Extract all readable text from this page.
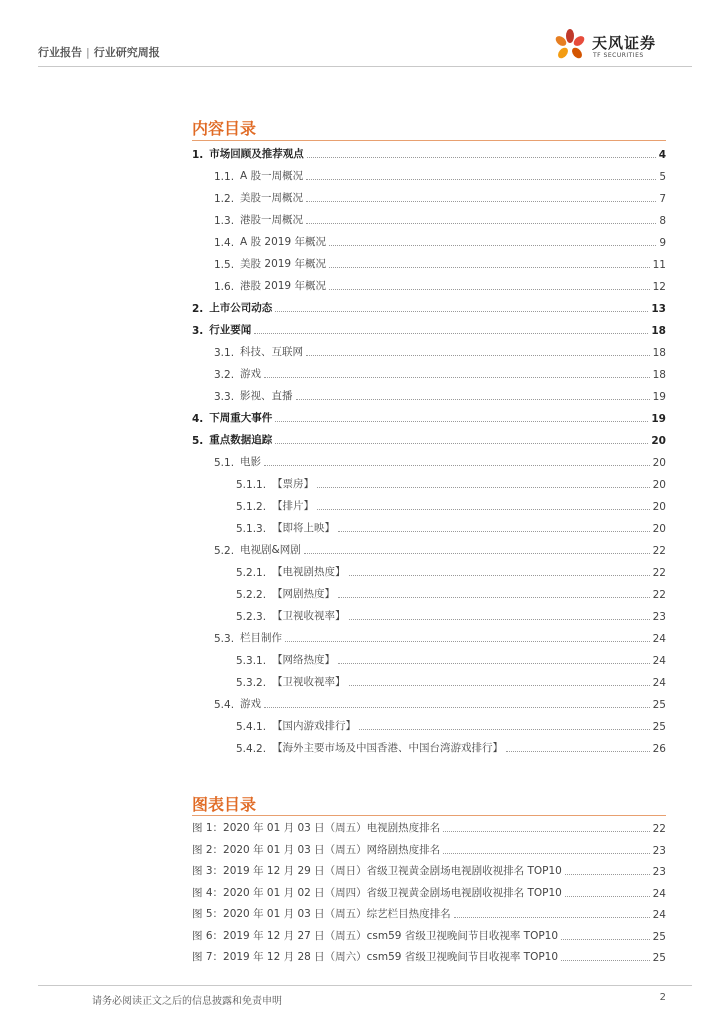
行业报告 | 行业研究周报
天风证券
TF SECURITIES
内容目录
1. 市场回顾及推荐观点	4
1.1. A 股一周概况	5
1.2. 美股一周概况	7
1.3. 港股一周概况	8
1.4. A 股 2019 年概况	9
1.5. 美股 2019 年概况	11
1.6. 港股 2019 年概况	12
2. 上市公司动态	13
3. 行业要闻	18
3.1. 科技、互联网	18
3.2. 游戏	18
3.3. 影视、直播	19
4. 下周重大事件	19
5. 重点数据追踪	20
5.1. 电影	20
5.1.1. 【票房】	20
5.1.2. 【排片】	20
5.1.3. 【即将上映】	20
5.2. 电视剧&网剧	22
5.2.1. 【电视剧热度】	22
5.2.2. 【网剧热度】	22
5.2.3. 【卫视收视率】	23
5.3. 栏目制作	24
5.3.1. 【网络热度】	24
5.3.2. 【卫视收视率】	24
5.4. 游戏	25
5.4.1. 【国内游戏排行】	25
5.4.2. 【海外主要市场及中国香港、中国台湾游戏排行】	26
图表目录
图 1：2020 年 01 月 03 日（周五）电视剧热度排名	22
图 2：2020 年 01 月 03 日（周五）网络剧热度排名	23
图 3：2019 年 12 月 29 日（周日）省级卫视黄金剧场电视剧收视排名 TOP10	23
图 4：2020 年 01 月 02 日（周四）省级卫视黄金剧场电视剧收视排名 TOP10	24
图 5：2020 年 01 月 03 日（周五）综艺栏目热度排名	24
图 6：2019 年 12 月 27 日（周五）csm59 省级卫视晚间节目收视率 TOP10	25
图 7：2019 年 12 月 28 日（周六）csm59 省级卫视晚间节目收视率 TOP10	25
请务必阅读正文之后的信息披露和免责申明	2
